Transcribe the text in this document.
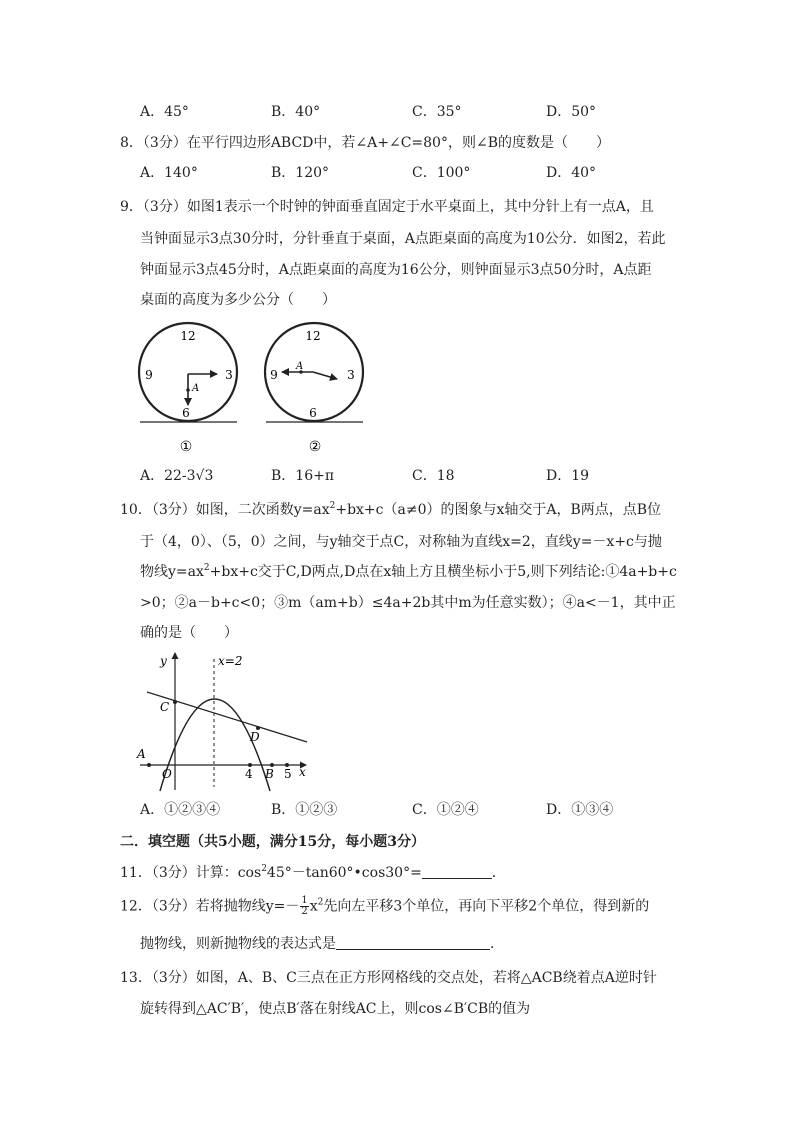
A．45°	B．40°	C．35°	D．50°
8．（3分）在平行四边形ABCD中，若∠A+∠C=80°，则∠B的度数是（　　）
A．140°	B．120°	C．100°	D．40°
9．（3分）如图1表示一个时钟的钟面垂直固定于水平桌面上，其中分针上有一点A，且
当钟面显示3点30分时，分针垂直于桌面，A点距桌面的高度为10公分．如图2，若此
钟面显示3点45分时，A点距桌面的高度为16公分，则钟面显示3点50分时，A点距
桌面的高度为多少公分（　　）
12
3
6
9
A
①
12
3
6
9
A
②
A．22-3√3	B．16+π	C．18	D．19
10．（3分）如图，二次函数$y=ax^2+bx+c(a\ne 0)$的图象与x轴交于A，B两点，点B位
于（4，0）、（5，0）之间，与y轴交于点C，对称轴为直线x=2，直线y=－x+c与抛
物线$y=ax^2+bx+c$交于C,D两点,D点在x轴上方且横坐标小于5,则下列结论:①4a+b+c
>0；②a－b+c<0；③m（am+b）≤4a+2b其中m为任意实数）；④a<－1，其中正
确的是（　　）
y	x=2
C
D
A
O	4 B 5 x
A．①②③④	B．①②③	C．①②④	D．①③④
二．填空题（共5小题，满分15分，每小题3分）
11．（3分）计算：$\cos^245^\circ-\tan 60^\circ•\cos 30^\circ=$	．
12．（3分）若将抛物线$y=- \frac{1}{2} x^2$先向左平移3个单位，再向下平移2个单位，得到新的
抛物线，则新抛物线的表达式是	．
13．（3分）如图，A、B、C三点在正方形网格线的交点处，若将△ACB绕着点A逆时针
旋转得到△AC′B′，使点B′落在射线AC上，则cos∠B′CB的值为
